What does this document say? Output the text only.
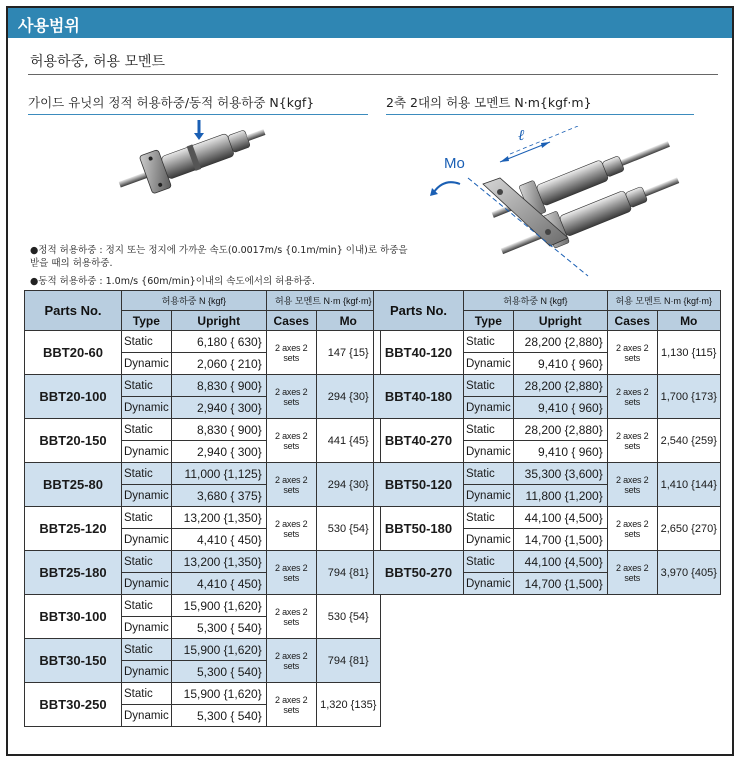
사용범위
허용하중, 허용 모멘트
가이드 유닛의 정적 허용하중/동적 허용하중 N{kgf}	2축 2대의 허용 모멘트 N·m{kgf·m}
ℓ
Mo

●정적 허용하중 : 정지 또는 정지에 가까운 속도(0.0017m/s {0.1m/min} 이내)로 하중을 받을 때의 허용하중.

●동적 허용하중 : 1.0m/s {60m/min}이내의 속도에서의 허용하중.

Parts No.	허용하중 N {kgf}		허용 모멘트 N·m {kgf·m}	
	Type	Upright	Cases	Mo
BBT20-60	Static	6,180 { 630}	2 axes 2 sets	147 {15}
	Dynamic	2,060 { 210}		
BBT20-100	Static	8,830 { 900}	2 axes 2 sets	294 {30}
	Dynamic	2,940 { 300}		
BBT20-150	Static	8,830 { 900}	2 axes 2 sets	441 {45}
	Dynamic	2,940 { 300}		
BBT25-80	Static	11,000 {1,125}	2 axes 2 sets	294 {30}
	Dynamic	3,680 { 375}		
BBT25-120	Static	13,200 {1,350}	2 axes 2 sets	530 {54}
	Dynamic	4,410 { 450}		
BBT25-180	Static	13,200 {1,350}	2 axes 2 sets	794 {81}
	Dynamic	4,410 { 450}		
BBT30-100	Static	15,900 {1,620}	2 axes 2 sets	530 {54}
	Dynamic	5,300 { 540}		
BBT30-150	Static	15,900 {1,620}	2 axes 2 sets	794 {81}
	Dynamic	5,300 { 540}		
BBT30-250	Static	15,900 {1,620}	2 axes 2 sets	1,320 {135}
	Dynamic	5,300 { 540}		
Parts No.	허용하중 N {kgf}		허용 모멘트 N·m {kgf·m}	
	Type	Upright	Cases	Mo
BBT40-120	Static	28,200 {2,880}	2 axes 2 sets	1,130 {115}
	Dynamic	9,410 { 960}		
BBT40-180	Static	28,200 {2,880}	2 axes 2 sets	1,700 {173}
	Dynamic	9,410 { 960}		
BBT40-270	Static	28,200 {2,880}	2 axes 2 sets	2,540 {259}
	Dynamic	9,410 { 960}		
BBT50-120	Static	35,300 {3,600}	2 axes 2 sets	1,410 {144}
	Dynamic	11,800 {1,200}		
BBT50-180	Static	44,100 {4,500}	2 axes 2 sets	2,650 {270}
	Dynamic	14,700 {1,500}		
BBT50-270	Static	44,100 {4,500}	2 axes 2 sets	3,970 {405}
	Dynamic	14,700 {1,500}		
